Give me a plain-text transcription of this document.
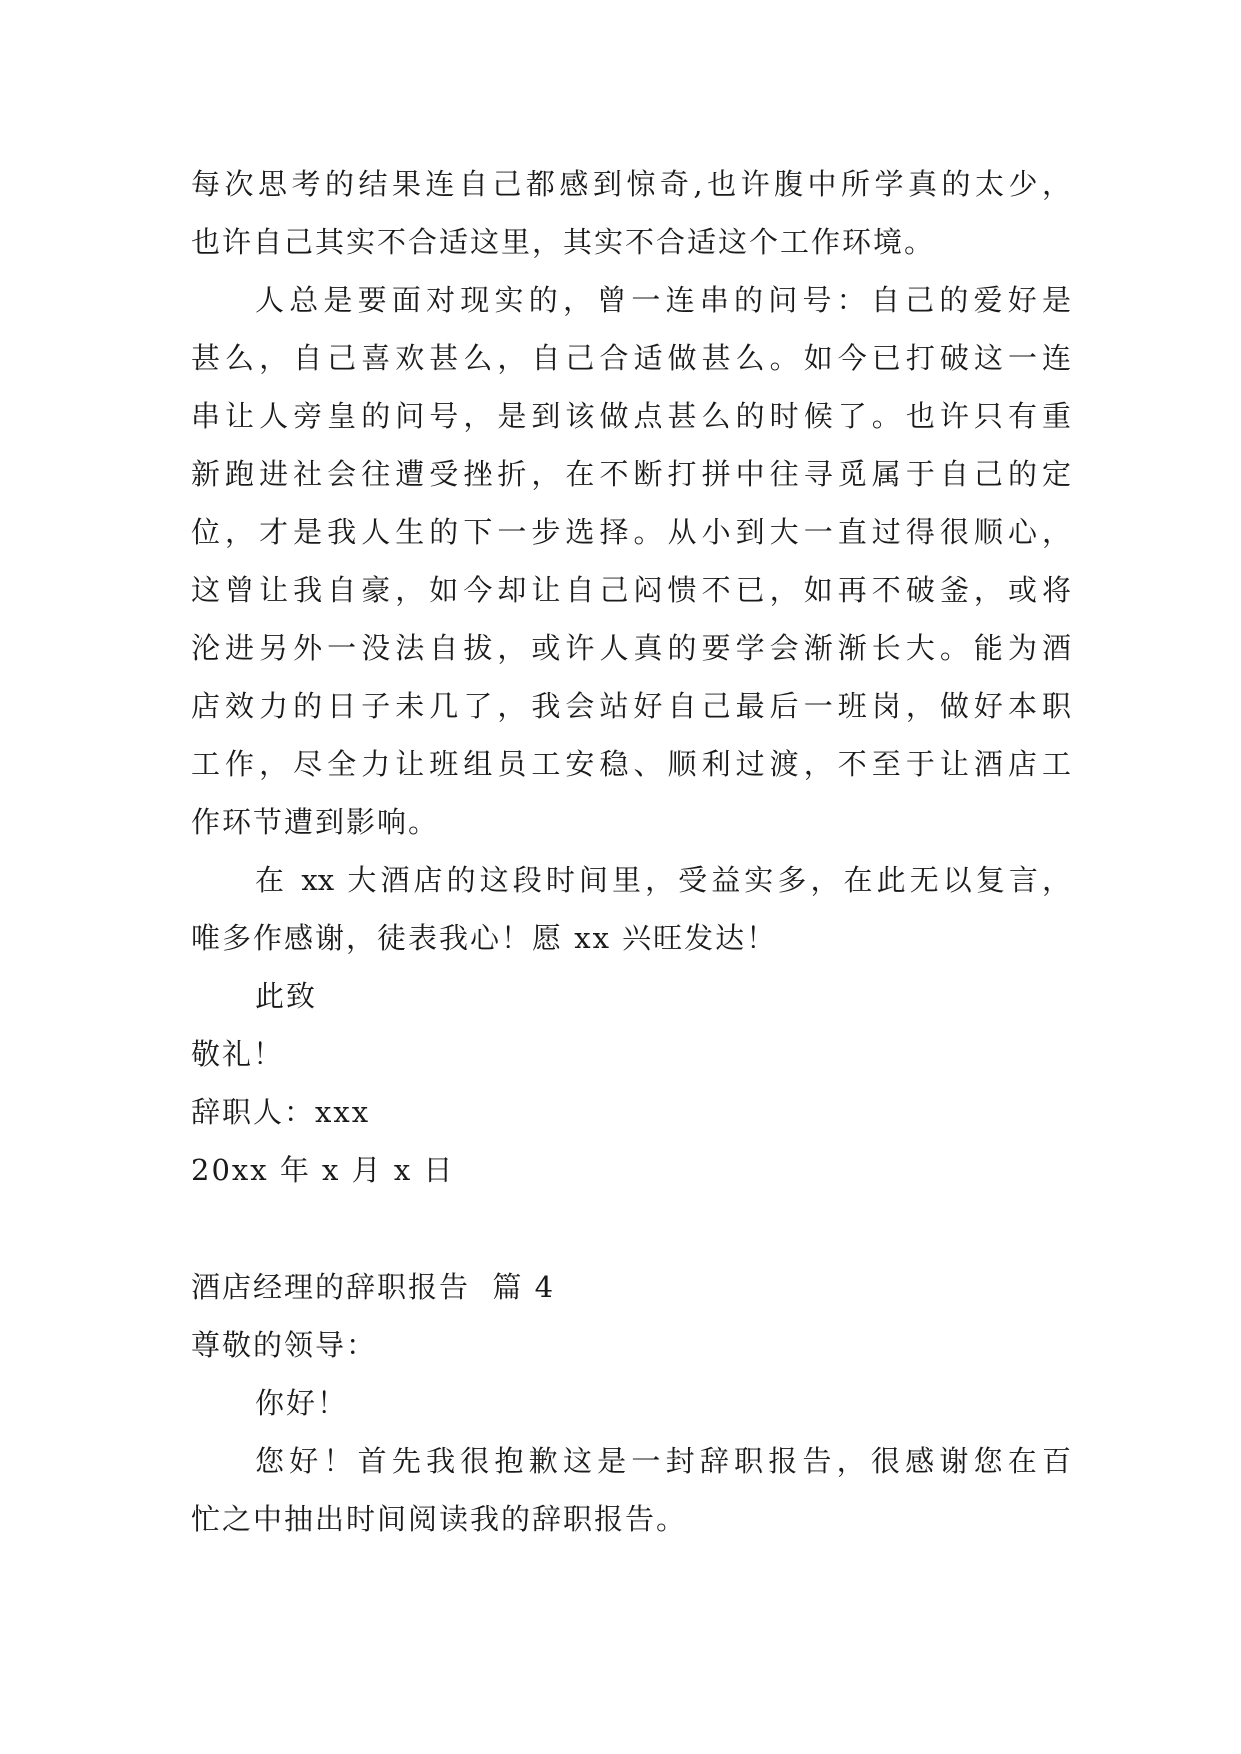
每次思考的结果连自己都感到惊奇,也许腹中所学真的太少，
也许自己其实不合适这里，其实不合适这个工作环境。
人总是要面对现实的，曾一连串的问号：自己的爱好是
甚么，自己喜欢甚么，自己合适做甚么。如今已打破这一连
串让人旁皇的问号，是到该做点甚么的时候了。也许只有重
新跑进社会往遭受挫折，在不断打拼中往寻觅属于自己的定
位，才是我人生的下一步选择。从小到大一直过得很顺心，
这曾让我自豪，如今却让自己闷愦不已，如再不破釜，或将
沦进另外一没法自拔，或许人真的要学会渐渐长大。能为酒
店效力的日子未几了，我会站好自己最后一班岗，做好本职
工作，尽全力让班组员工安稳、顺利过渡，不至于让酒店工
作环节遭到影响。
在 xx 大酒店的这段时间里，受益实多，在此无以复言，
唯多作感谢，徒表我心！愿 xx 兴旺发达！
此致
敬礼！
辞职人：xxx
20xx 年 x 月 x 日
酒店经理的辞职报告  篇 4
尊敬的领导：
你好！
您好！首先我很抱歉这是一封辞职报告，很感谢您在百
忙之中抽出时间阅读我的辞职报告。
